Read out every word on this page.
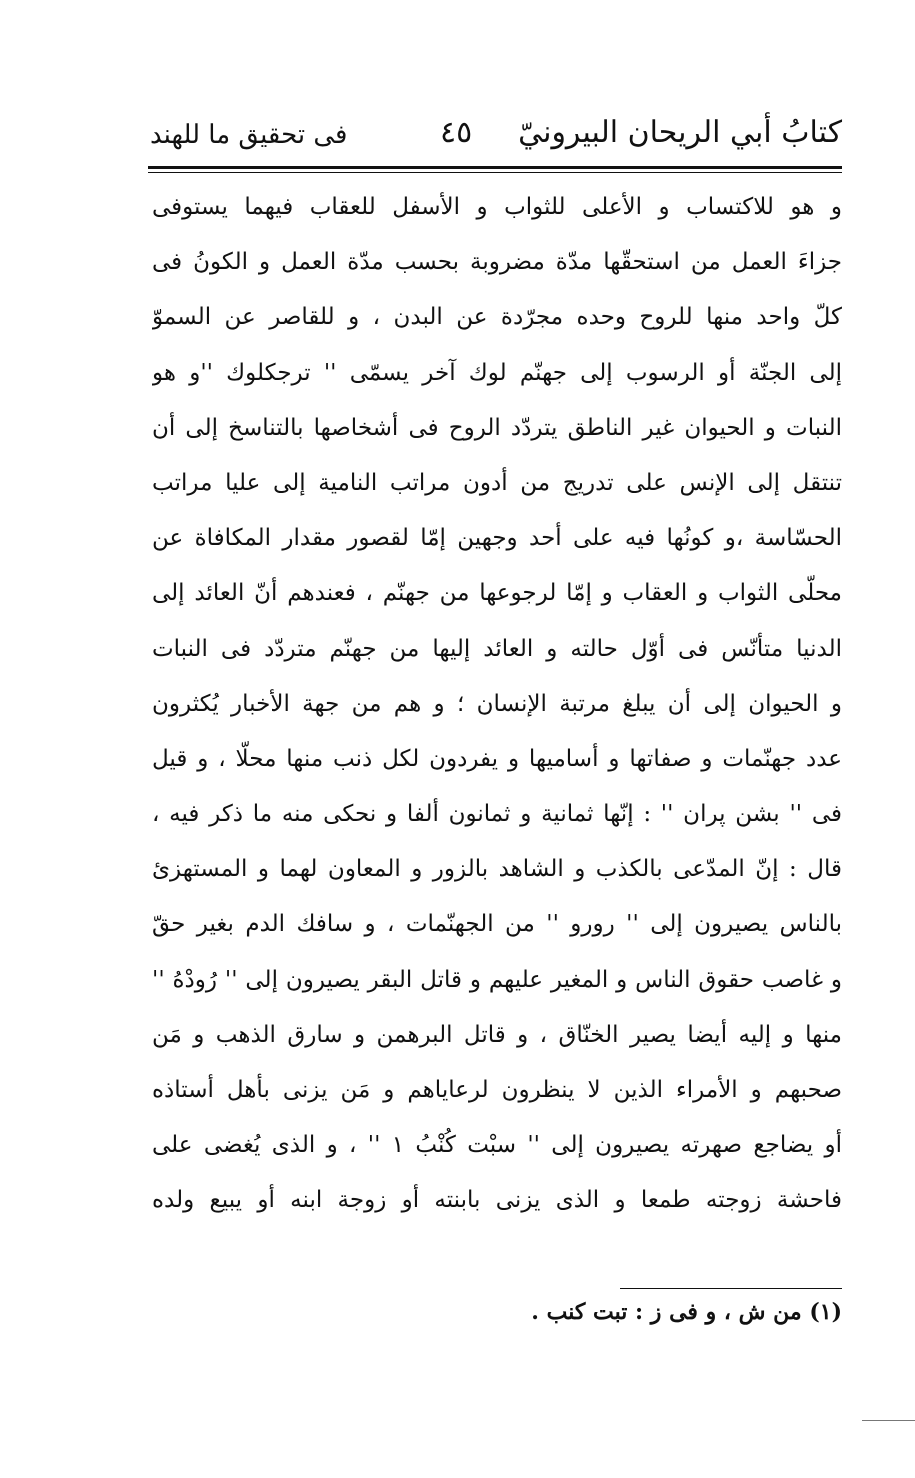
كتابُ أبي الريحان البيرونيّ
٤٥
فى تحقيق ما للهند
و هو للاكتساب و الأعلى للثواب و الأسفل للعقاب فيهما يستوفى
جزاءَ العمل من استحقّها مدّة مضروبة بحسب مدّة العمل و الكونُ فى
كلّ واحد منها للروح وحده مجرّدة عن البدن ، و للقاصر عن السموّ
إلى الجنّة أو الرسوب إلى جهنّم لوك آخر يسمّى '' ترجكلوك ''و هو
النبات و الحيوان غير الناطق يتردّد الروح فى أشخاصها بالتناسخ إلى أن
تنتقل إلى الإنس على تدريج من أدون مراتب النامية إلى عليا مراتب
الحسّاسة ،و كونُها فيه على أحد وجهين إمّا لقصور مقدار المكافاة عن
محلّى الثواب و العقاب و إمّا لرجوعها من جهنّم ، فعندهم أنّ العائد إلى
الدنيا متأنّس فى أوّل حالته و العائد إليها من جهنّم متردّد فى النبات
و الحيوان إلى أن يبلغ مرتبة الإنسان ؛ و هم من جهة الأخبار يُكثرون
عدد جهنّمات و صفاتها و أساميها و يفردون لكل ذنب منها محلّا ، و قيل
فى '' بشن پران '' : إنّها ثمانية و ثمانون ألفا و نحكى منه ما ذكر فيه ،
قال : إنّ المدّعى بالكذب و الشاهد بالزور و المعاون لهما و المستهزئ
بالناس يصيرون إلى '' رورو '' من الجهنّمات ، و سافك الدم بغير حقّ
و غاصب حقوق الناس و المغير عليهم و قاتل البقر يصيرون إلى '' رُودْهُ ''
منها و إليه أيضا يصير الخنّاق ، و قاتل البرهمن و سارق الذهب و مَن
صحبهم و الأمراء الذين لا ينظرون لرعاياهم و مَن يزنى بأهل أستاذه
أو يضاجع صهرته يصيرون إلى '' سبْت كُنْبُ ١ '' ، و الذى يُغضى على
فاحشة زوجته طمعا و الذى يزنى بابنته أو زوجة ابنه أو يبيع ولده
(١) من ش ، و فى ز : تبت كنب .
